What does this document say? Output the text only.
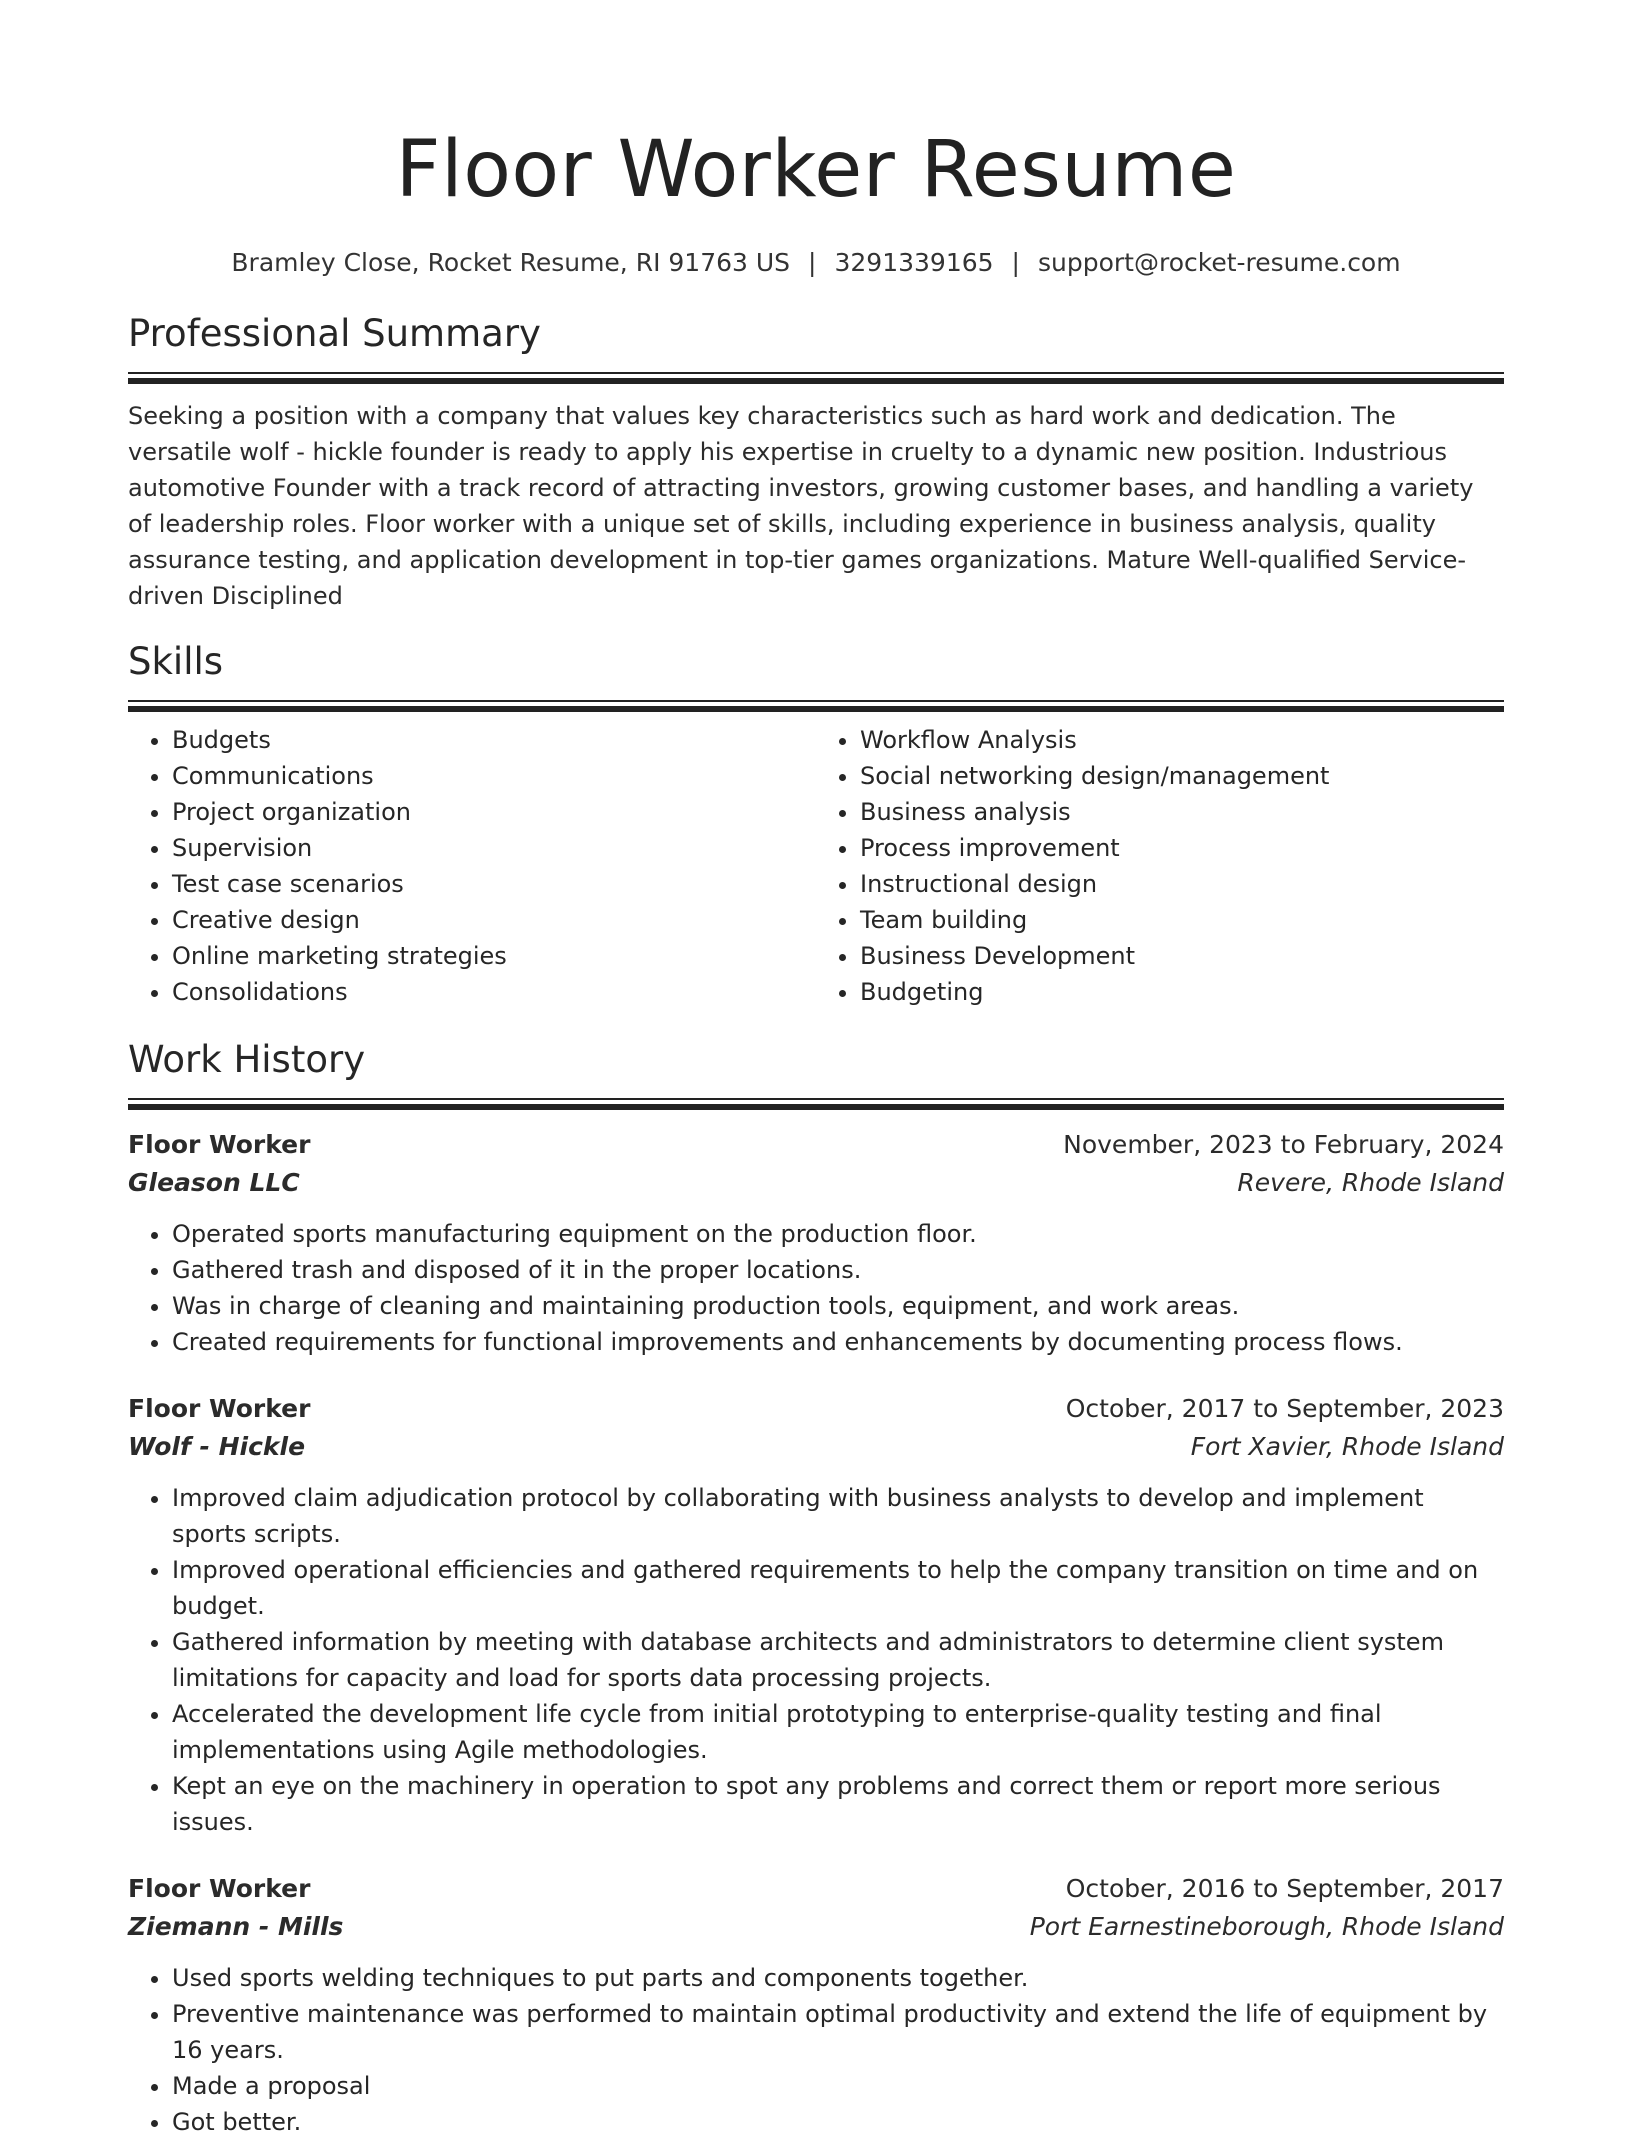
Floor Worker Resume
Bramley Close, Rocket Resume, RI 91763 US | 3291339165 | support@rocket-resume.com
Professional Summary

Seeking a position with a company that values key characteristics such as hard work and dedication. The versatile wolf - hickle founder is ready to apply his expertise in cruelty to a dynamic new position. Industrious automotive Founder with a track record of attracting investors, growing customer bases, and handling a variety of leadership roles. Floor worker with a unique set of skills, including experience in business analysis, quality assurance testing, and application development in top-tier games organizations. Mature Well-qualified Service-driven Disciplined

Skills
• Budgets
• Communications
• Project organization
• Supervision
• Test case scenarios
• Creative design
• Online marketing strategies
• Consolidations
• Workflow Analysis
• Social networking design/management
• Business analysis
• Process improvement
• Instructional design
• Team building
• Business Development
• Budgeting
Work History
Floor Worker	November, 2023 to February, 2024
Gleason LLC	Revere, Rhode Island
• Operated sports manufacturing equipment on the production floor.
• Gathered trash and disposed of it in the proper locations.
• Was in charge of cleaning and maintaining production tools, equipment, and work areas.
• Created requirements for functional improvements and enhancements by documenting process flows.
Floor Worker	October, 2017 to September, 2023
Wolf - Hickle	Fort Xavier, Rhode Island
• Improved claim adjudication protocol by collaborating with business analysts to develop and implement sports scripts.
• Improved operational efficiencies and gathered requirements to help the company transition on time and on budget.
• Gathered information by meeting with database architects and administrators to determine client system limitations for capacity and load for sports data processing projects.
• Accelerated the development life cycle from initial prototyping to enterprise-quality testing and final implementations using Agile methodologies.
• Kept an eye on the machinery in operation to spot any problems and correct them or report more serious issues.
Floor Worker	October, 2016 to September, 2017
Ziemann - Mills	Port Earnestineborough, Rhode Island
• Used sports welding techniques to put parts and components together.
• Preventive maintenance was performed to maintain optimal productivity and extend the life of equipment by 16 years.
• Made a proposal
• Got better.
